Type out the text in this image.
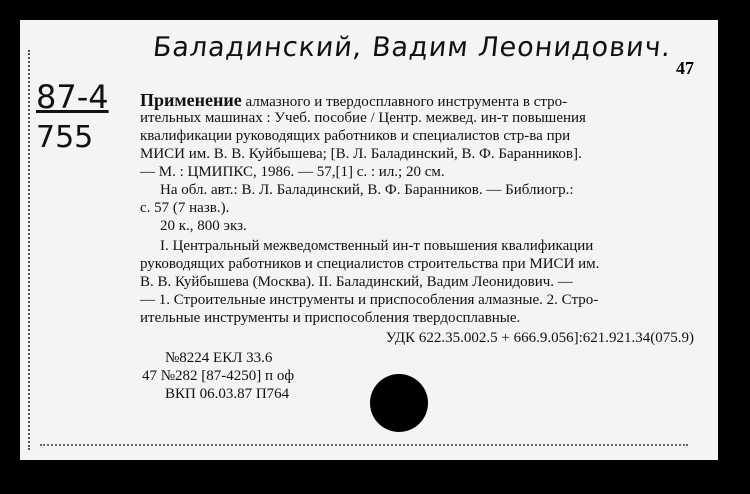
Баладинский, Вадим Леонидович.
87-4
755
47
Применение алмазного и твердосплавного инструмента в стро-
ительных машинах : Учеб. пособие / Центр. межвед. ин-т повышения
квалификации руководящих работников и специалистов стр-ва при
МИСИ им. В. В. Куйбышева; [В. Л. Баладинский, В. Ф. Баранников].
— М. : ЦМИПКС, 1986. — 57,[1] с. : ил.; 20 см.
На обл. авт.: В. Л. Баладинский, В. Ф. Баранников. — Библиогр.:
с. 57 (7 назв.).
20 к., 800 экз.
I. Центральный межведомственный ин-т повышения квалификации
руководящих работников и специалистов строительства при МИСИ им.
В. В. Куйбышева (Москва). II. Баладинский, Вадим Леонидович. —
— 1. Строительные инструменты и приспособления алмазные. 2. Стро-
ительные инструменты и приспособления твердосплавные.
УДК 622.35.002.5 + 666.9.056]:621.921.34(075.9)
№8224 ЕКЛ 33.6
47 №282 [87-4250] п оф
ВКП 06.03.87 П764
